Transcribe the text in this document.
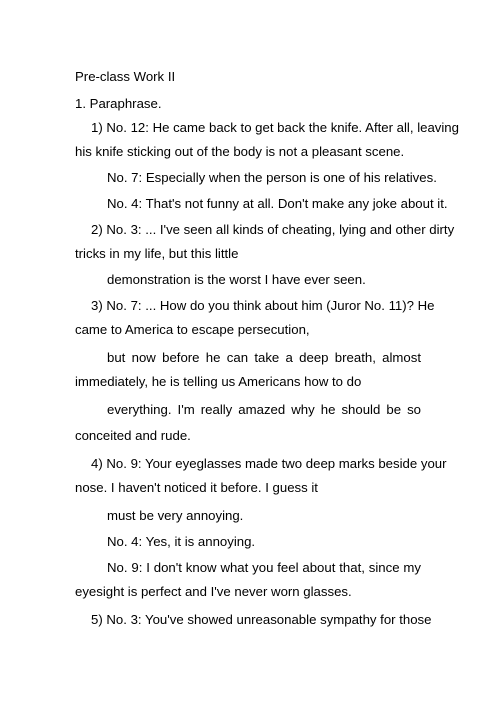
Pre-class Work II
1. Paraphrase.
1) No. 12: He came back to get back the knife. After all, leaving
his knife sticking out of the body is not a pleasant scene.
No. 7: Especially when the person is one of his relatives.
No. 4: That's not funny at all. Don't make any joke about it.
2) No. 3: ... I've seen all kinds of cheating, lying and other dirty
tricks in my life, but this little
demonstration is the worst I have ever seen.
3) No. 7: ... How do you think about him (Juror No. 11)? He
came to America to escape persecution,
but now before he can take a deep breath, almost
immediately, he is telling us Americans how to do
everything. I'm really amazed why he should be so
conceited and rude.
4) No. 9: Your eyeglasses made two deep marks beside your
nose. I haven't noticed it before. I guess it
must be very annoying.
No. 4: Yes, it is annoying.
No. 9: I don't know what you feel about that, since my
eyesight is perfect and I've never worn glasses.
5) No. 3: You've showed unreasonable sympathy for those
